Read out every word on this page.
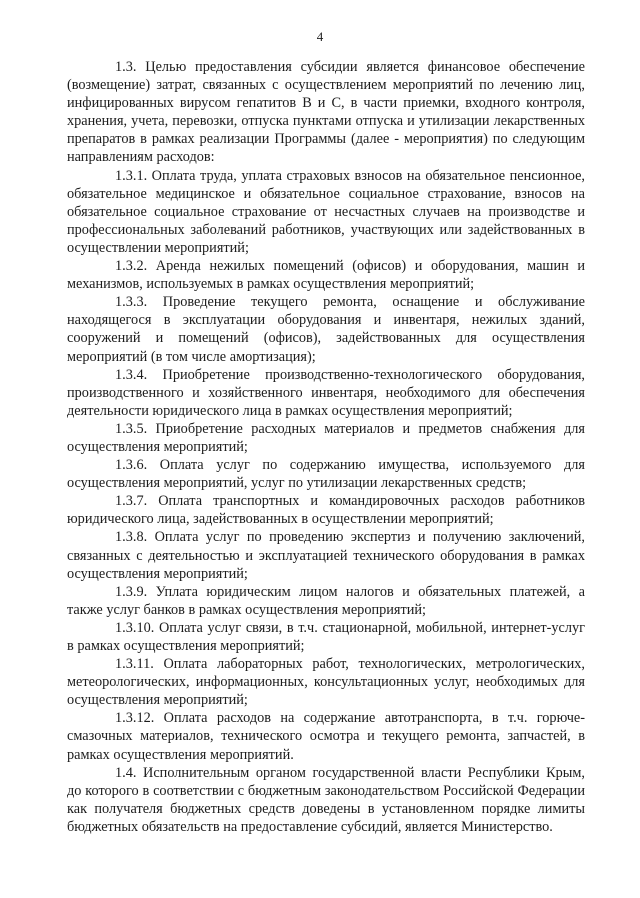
4

1.3. Целью предоставления субсидии является финансовое обеспечение (возмещение) затрат, связанных с осуществлением мероприятий по лечению лиц, инфицированных вирусом гепатитов В и С, в части приемки, входного контроля, хранения, учета, перевозки, отпуска пунктами отпуска и утилизации лекарственных препаратов в рамках реализации Программы (далее - мероприятия) по следующим направлениям расходов:

1.3.1. Оплата труда, уплата страховых взносов на обязательное пенсионное, обязательное медицинское и обязательное социальное страхование, взносов на обязательное социальное страхование от несчастных случаев на производстве и профессиональных заболеваний работников, участвующих или задействованных в осуществлении мероприятий;

1.3.2. Аренда нежилых помещений (офисов) и оборудования, машин и механизмов, используемых в рамках осуществления мероприятий;

1.3.3. Проведение текущего ремонта, оснащение и обслуживание находящегося в эксплуатации оборудования и инвентаря, нежилых зданий, сооружений и помещений (офисов), задействованных для осуществления мероприятий (в том числе амортизация);

1.3.4. Приобретение производственно-технологического оборудования, производственного и хозяйственного инвентаря, необходимого для обеспечения деятельности юридического лица в рамках осуществления мероприятий;

1.3.5. Приобретение расходных материалов и предметов снабжения для осуществления мероприятий;

1.3.6. Оплата услуг по содержанию имущества, используемого для осуществления мероприятий, услуг по утилизации лекарственных средств;

1.3.7. Оплата транспортных и командировочных расходов работников юридического лица, задействованных в осуществлении мероприятий;

1.3.8. Оплата услуг по проведению экспертиз и получению заключений, связанных с деятельностью и эксплуатацией технического оборудования в рамках осуществления мероприятий;

1.3.9. Уплата юридическим лицом налогов и обязательных платежей, а также услуг банков в рамках осуществления мероприятий;

1.3.10. Оплата услуг связи, в т.ч. стационарной, мобильной, интернет-услуг в рамках осуществления мероприятий;

1.3.11. Оплата лабораторных работ, технологических, метрологических, метеорологических, информационных, консультационных услуг, необходимых для осуществления мероприятий;

1.3.12. Оплата расходов на содержание автотранспорта, в т.ч. горюче-смазочных материалов, технического осмотра и текущего ремонта, запчастей, в рамках осуществления мероприятий.

1.4. Исполнительным органом государственной власти Республики Крым, до которого в соответствии с бюджетным законодательством Российской Федерации как получателя бюджетных средств доведены в установленном порядке лимиты бюджетных обязательств на предоставление субсидий, является Министерство.
